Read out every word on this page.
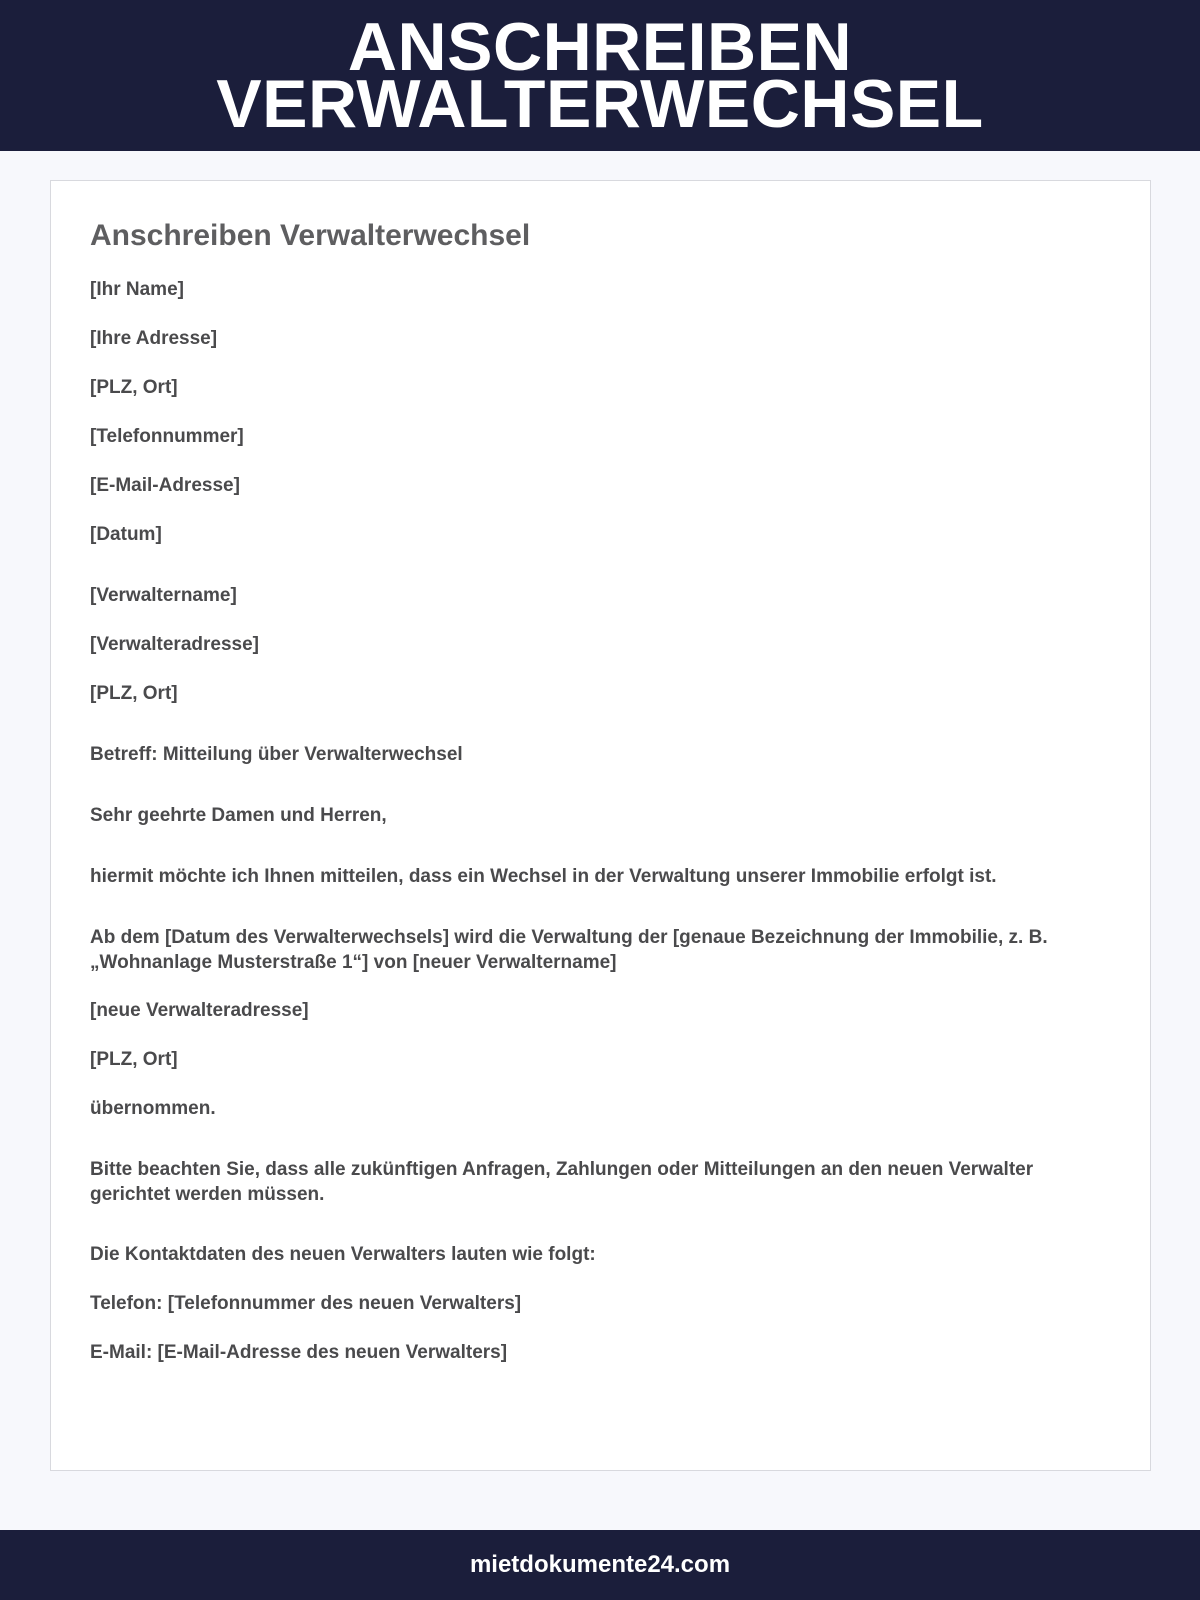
ANSCHREIBEN
VERWALTERWECHSEL
Anschreiben Verwalterwechsel
[Ihr Name]
[Ihre Adresse]
[PLZ, Ort]
[Telefonnummer]
[E-Mail-Adresse]
[Datum]
[Verwaltername]
[Verwalteradresse]
[PLZ, Ort]
Betreff: Mitteilung über Verwalterwechsel
Sehr geehrte Damen und Herren,
hiermit möchte ich Ihnen mitteilen, dass ein Wechsel in der Verwaltung unserer Immobilie erfolgt ist.
Ab dem [Datum des Verwalterwechsels] wird die Verwaltung der [genaue Bezeichnung der Immobilie, z. B. „Wohnanlage Musterstraße 1“] von [neuer Verwaltername]
[neue Verwalteradresse]
[PLZ, Ort]
übernommen.
Bitte beachten Sie, dass alle zukünftigen Anfragen, Zahlungen oder Mitteilungen an den neuen Verwalter gerichtet werden müssen.
Die Kontaktdaten des neuen Verwalters lauten wie folgt:
Telefon: [Telefonnummer des neuen Verwalters]
E-Mail: [E-Mail-Adresse des neuen Verwalters]
mietdokumente24.com
